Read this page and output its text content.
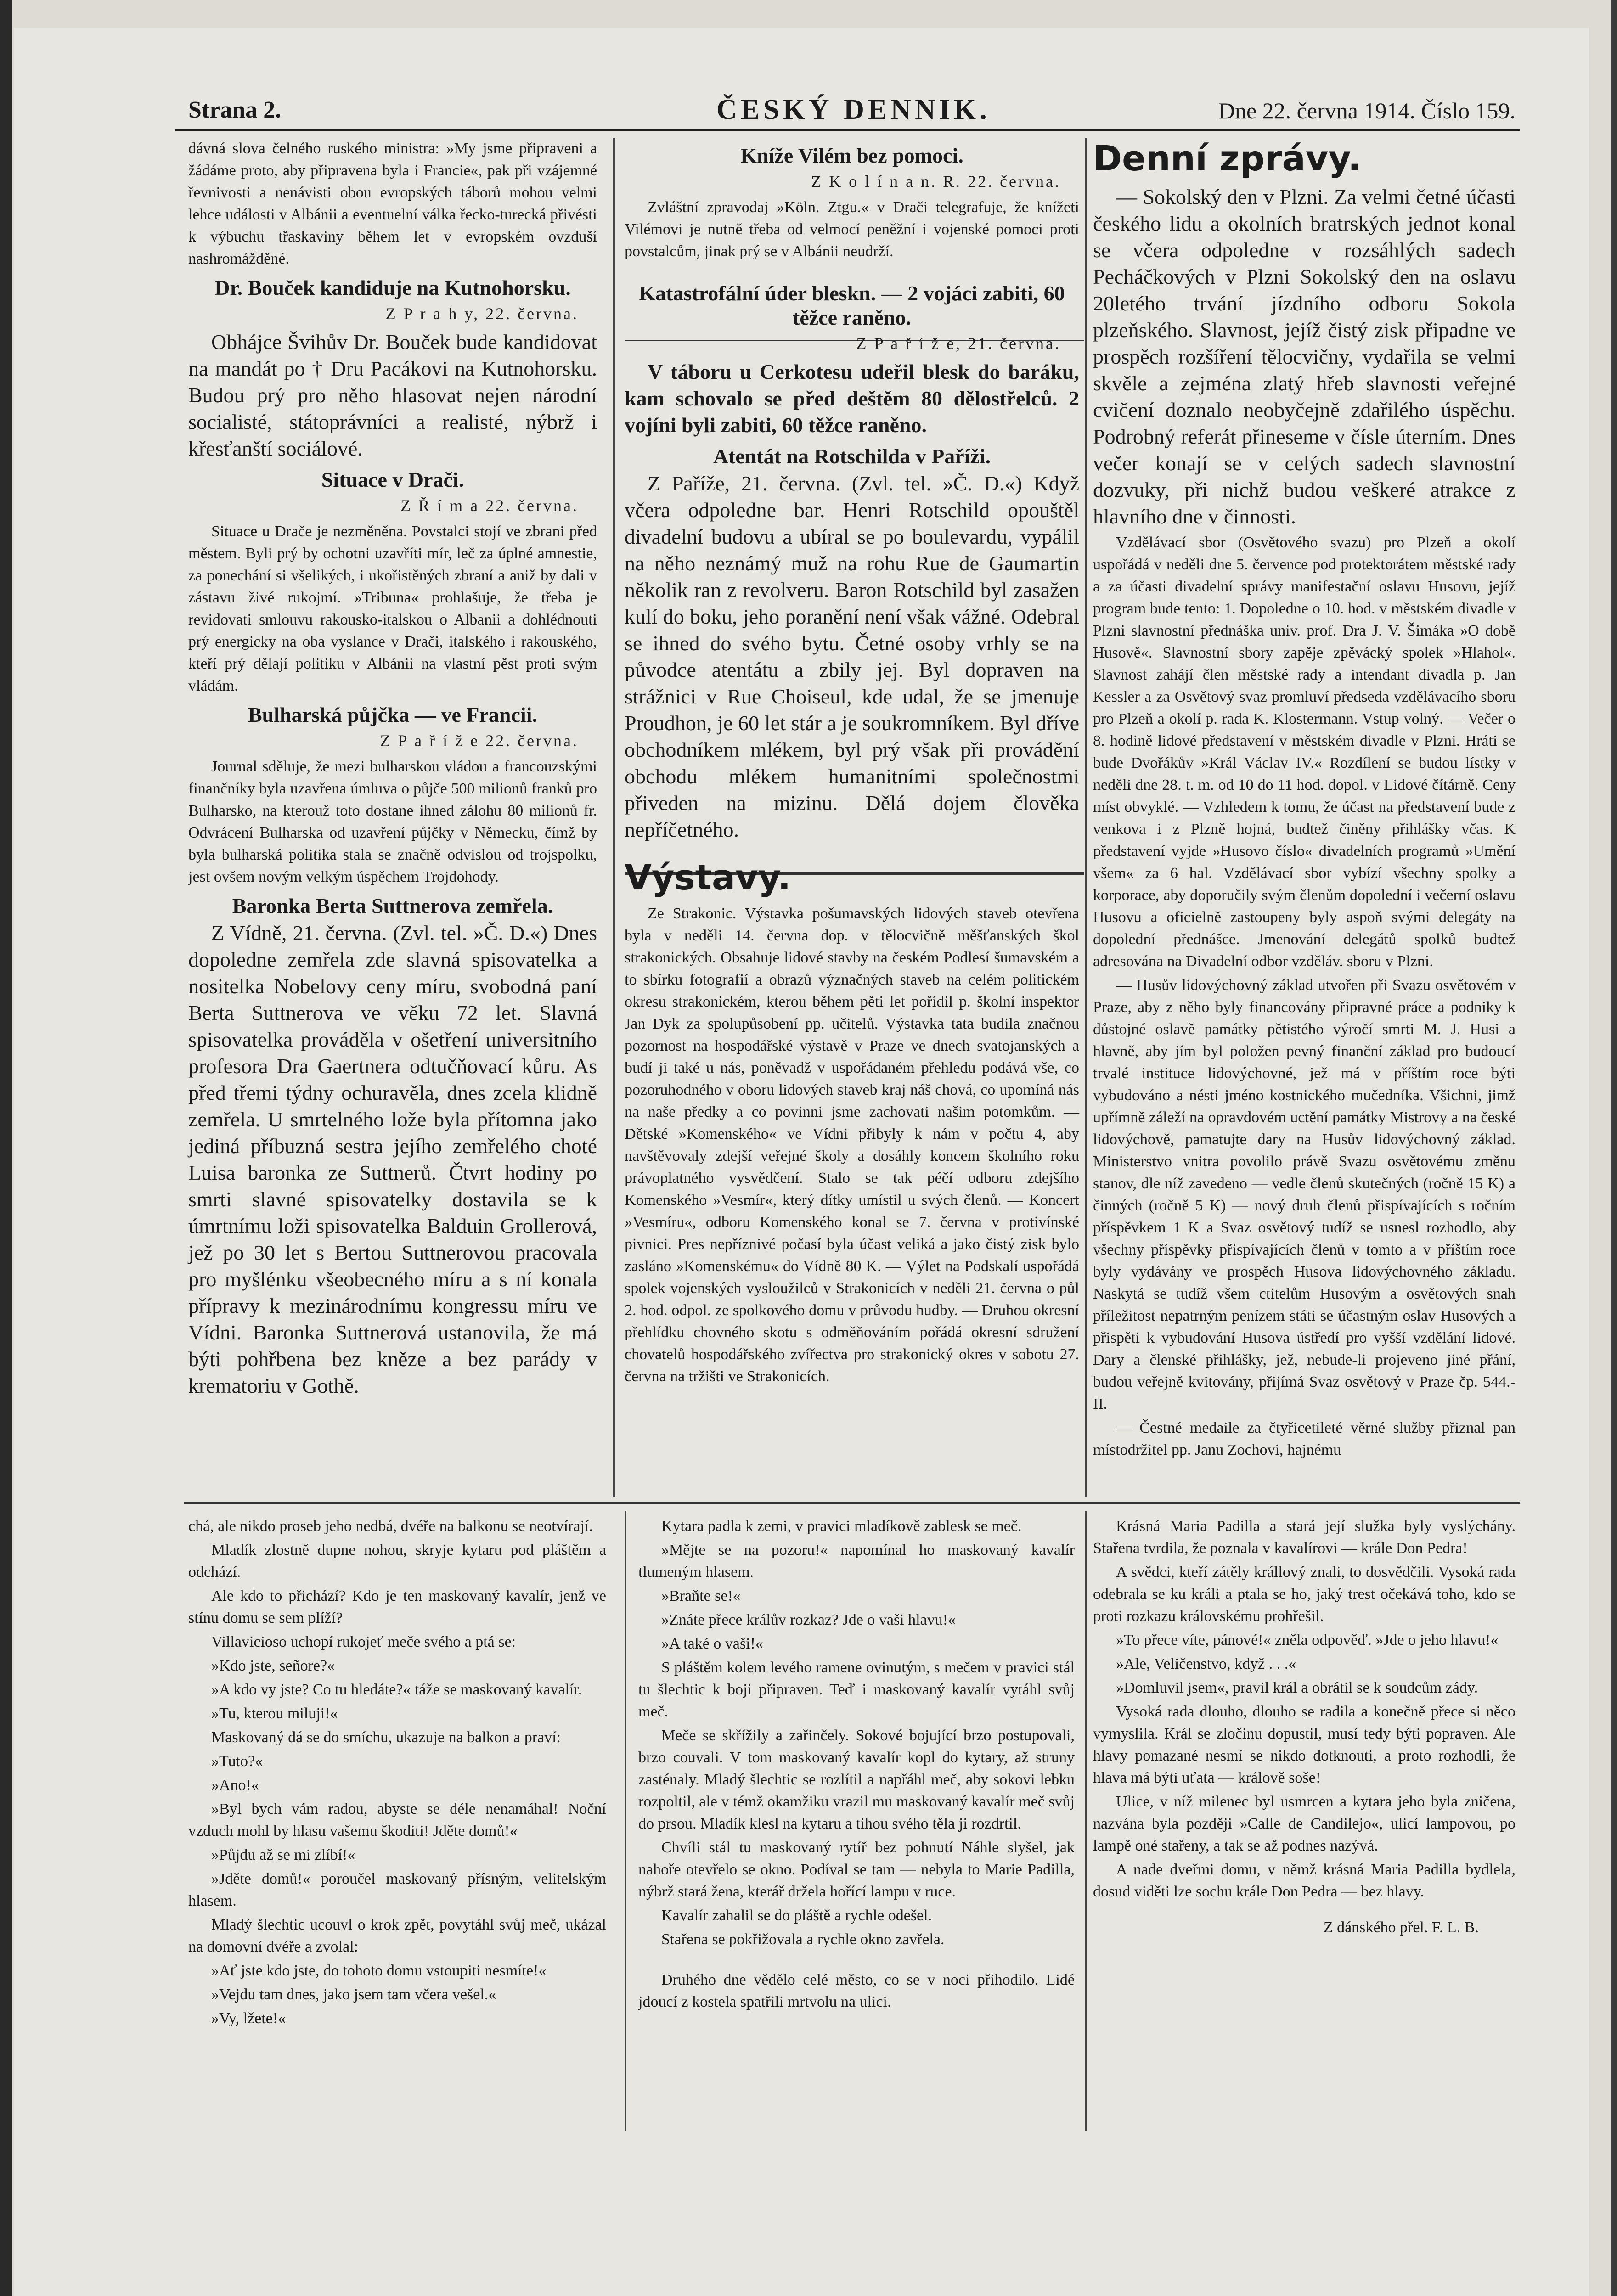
Strana 2.	ČESKÝ DENNIK.	Dne 22. června 1914. Číslo 159.

dávná slova čelného ruského ministra: »My jsme připraveni a žádáme proto, aby připravena byla i Francie«, pak při vzájemné řevnivosti a nenávisti obou evropských táborů mohou velmi lehce události v Albánii a eventuelní válka řecko-turecká přivésti k výbuchu třaskaviny během let v evropském ovzduší nashromážděné.

Dr. Bouček kandiduje na Kutnohorsku.
Z P r a h y, 22. června.

Obhájce Švihův Dr. Bouček bude kandidovat na mandát po † Dru Pacákovi na Kutnohorsku. Budou prý pro něho hlasovat nejen národní socialisté, státoprávníci a realisté, nýbrž i křesťanští sociálové.

Situace v Drači.
Z Ř í m a 22. června.

Situace u Drače je nezměněna. Povstalci stojí ve zbrani před městem. Byli prý by ochotni uzavříti mír, leč za úplné amnestie, za ponechání si všelikých, i ukořistěných zbraní a aniž by dali v zástavu živé rukojmí. »Tribuna« prohlašuje, že třeba je revidovati smlouvu rakousko-italskou o Albanii a dohlédnouti prý energicky na oba vyslance v Drači, italského i rakouského, kteří prý dělají politiku v Albánii na vlastní pěst proti svým vládám.

Bulharská půjčka — ve Francii.
Z P a ř í ž e 22. června.

Journal sděluje, že mezi bulharskou vládou a francouzskými finančníky byla uzavřena úmluva o půjče 500 milionů franků pro Bulharsko, na kterouž toto dostane ihned zálohu 80 milionů fr. Odvrácení Bulharska od uzavření půjčky v Německu, čímž by byla bulharská politika stala se značně odvislou od trojspolku, jest ovšem novým velkým úspěchem Trojdohody.

Baronka Berta Suttnerova zemřela.

Z Vídně, 21. června. (Zvl. tel. »Č. D.«) Dnes dopoledne zemřela zde slavná spisovatelka a nositelka Nobelovy ceny míru, svobodná paní Berta Suttnerova ve věku 72 let. Slavná spisovatelka prováděla v ošetření universitního profesora Dra Gaertnera odtučňovací kůru. As před třemi týdny ochuravěla, dnes zcela klidně zemřela. U smrtelného lože byla přítomna jako jediná příbuzná sestra jejího zemřelého choté Luisa baronka ze Suttnerů. Čtvrt hodiny po smrti slavné spisovatelky dostavila se k úmrtnímu loži spisovatelka Balduin Grollerová, jež po 30 let s Bertou Suttnerovou pracovala pro myšlénku všeobecného míru a s ní konala přípravy k mezinárodnímu kongressu míru ve Vídni. Baronka Suttnerová ustanovila, že má býti pohřbena bez kněze a bez parády v krematoriu v Gothě.

Kníže Vilém bez pomoci.
Z K o l í n a n. R. 22. června.

Zvláštní zpravodaj »Köln. Ztgu.« v Drači telegrafuje, že knížeti Vilémovi je nutně třeba od velmocí peněžní i vojenské pomoci proti povstalcům, jinak prý se v Albánii neudrží.

Katastrofální úder bleskn. — 2 vojáci zabiti, 60 těžce raněno.
Z P a ř í ž e, 21. června.

V táboru u Cerkotesu udeřil blesk do baráku, kam schovalo se před deštěm 80 dělostřelců. 2 vojíni byli zabiti, 60 těžce raněno.

Atentát na Rotschilda v Paříži.

Z Paříže, 21. června. (Zvl. tel. »Č. D.«) Když včera odpoledne bar. Henri Rotschild opouštěl divadelní budovu a ubíral se po boulevardu, vypálil na něho neznámý muž na rohu Rue de Gaumartin několik ran z revolveru. Baron Rotschild byl zasažen kulí do boku, jeho poranění není však vážné. Odebral se ihned do svého bytu. Četné osoby vrhly se na původce atentátu a zbily jej. Byl dopraven na strážnici v Rue Choiseul, kde udal, že se jmenuje Proudhon, je 60 let stár a je soukromníkem. Byl dříve obchodníkem mlékem, byl prý však při provádění obchodu mlékem humanitními společnostmi přiveden na mizinu. Dělá dojem člověka nepříčetného.

Výstavy.

Ze Strakonic. Výstavka pošumavských lidových staveb otevřena byla v neděli 14. června dop. v tělocvičně měšťanských škol strakonických. Obsahuje lidové stavby na českém Podlesí šumavském a to sbírku fotografií a obrazů význačných staveb na celém politickém okresu strakonickém, kterou během pěti let pořídil p. školní inspektor Jan Dyk za spolupůsobení pp. učitelů. Výstavka tata budila značnou pozornost na hospodářské výstavě v Praze ve dnech svatojanských a budí ji také u nás, poněvadž v uspořádaném přehledu podává vše, co pozoruhodného v oboru lidových staveb kraj náš chová, co upomíná nás na naše předky a co povinni jsme zachovati našim potomkům. — Dětské »Komenského« ve Vídni přibyly k nám v počtu 4, aby navštěvovaly zdejší veřejné školy a dosáhly koncem školního roku právoplatného vysvědčení. Stalo se tak péčí odboru zdejšího Komenského »Vesmír«, který dítky umístil u svých členů. — Koncert »Vesmíru«, odboru Komenského konal se 7. června v protivínské pivnici. Pres nepříznivé počasí byla účast veliká a jako čistý zisk bylo zasláno »Komenskému« do Vídně 80 K. — Výlet na Podskalí uspořádá spolek vojenských vysloužilců v Strakonicích v neděli 21. června o půl 2. hod. odpol. ze spolkového domu v průvodu hudby. — Druhou okresní přehlídku chovného skotu s odměňováním pořádá okresní sdružení chovatelů hospodářského zvířectva pro strakonický okres v sobotu 27. června na tržišti ve Strakonicích.

Denní zprávy.

— Sokolský den v Plzni. Za velmi četné účasti českého lidu a okolních bratrských jednot konal se včera odpoledne v rozsáhlých sadech Pecháčkových v Plzni Sokolský den na oslavu 20letého trvání jízdního odboru Sokola plzeňského. Slavnost, jejíž čistý zisk připadne ve prospěch rozšíření tělocvičny, vydařila se velmi skvěle a zejména zlatý hřeb slavnosti veřejné cvičení doznalo neobyčejně zdařilého úspěchu. Podrobný referát přineseme v čísle úterním. Dnes večer konají se v celých sadech slavnostní dozvuky, při nichž budou veškeré atrakce z hlavního dne v činnosti.

Vzdělávací sbor (Osvětového svazu) pro Plzeň a okolí uspořádá v neděli dne 5. července pod protektorátem městské rady a za účasti divadelní správy manifestační oslavu Husovu, jejíž program bude tento: 1. Dopoledne o 10. hod. v městském divadle v Plzni slavnostní přednáška univ. prof. Dra J. V. Šimáka »O době Husově«. Slavnostní sbory zapěje zpěvácký spolek »Hlahol«. Slavnost zahájí člen městské rady a intendant divadla p. Jan Kessler a za Osvětový svaz promluví předseda vzdělávacího sboru pro Plzeň a okolí p. rada K. Klostermann. Vstup volný. — Večer o 8. hodině lidové představení v městském divadle v Plzni. Hráti se bude Dvořákův »Král Václav IV.« Rozdílení se budou lístky v neděli dne 28. t. m. od 10 do 11 hod. dopol. v Lidové čítárně. Ceny míst obvyklé. — Vzhledem k tomu, že účast na představení bude z venkova i z Plzně hojná, budtež činěny přihlášky včas. K představení vyjde »Husovo číslo« divadelních programů »Umění všem« za 6 hal. Vzdělávací sbor vybízí všechny spolky a korporace, aby doporučily svým členům dopolední i večerní oslavu Husovu a oficielně zastoupeny byly aspoň svými delegáty na dopolední přednášce. Jmenování delegátů spolků budtež adresována na Divadelní odbor vzděláv. sboru v Plzni.

— Husův lidovýchovný základ utvořen při Svazu osvětovém v Praze, aby z něho byly financovány připravné práce a podniky k důstojné oslavě památky pětistého výročí smrti M. J. Husi a hlavně, aby jím byl položen pevný finanční základ pro budoucí trvalé instituce lidovýchovné, jež má v příštím roce býti vybudováno a nésti jméno kostnického mučedníka. Všichni, jimž upřímně záleží na opravdovém uctění památky Mistrovy a na české lidovýchově, pamatujte dary na Husův lidovýchovný základ. Ministerstvo vnitra povolilo právě Svazu osvětovému změnu stanov, dle níž zavedeno — vedle členů skutečných (ročně 15 K) a činných (ročně 5 K) — nový druh členů přispívajících s ročním příspěvkem 1 K a Svaz osvětový tudíž se usnesl rozhodlo, aby všechny příspěvky přispívajících členů v tomto a v příštím roce byly vydávány ve prospěch Husova lidovýchovného základu. Naskytá se tudíž všem ctitelům Husovým a osvětových snah příležitost nepatrným penízem státi se účastným oslav Husových a přispěti k vybudování Husova ústředí pro vyšší vzdělání lidové. Dary a členské přihlášky, jež, nebude-li projeveno jiné přání, budou veřejně kvitovány, přijímá Svaz osvětový v Praze čp. 544.-II.

— Čestné medaile za čtyřicetileté věrné služby přiznal pan místodržitel pp. Janu Zochovi, hajnému

chá, ale nikdo proseb jeho nedbá, dvéře na balkonu se neotvírají.

Mladík zlostně dupne nohou, skryje kytaru pod pláštěm a odchází.

Ale kdo to přichází? Kdo je ten maskovaný kavalír, jenž ve stínu domu se sem plíží?

Villavicioso uchopí rukojeť meče svého a ptá se:

»Kdo jste, señore?«

»A kdo vy jste? Co tu hledáte?« táže se maskovaný kavalír.

»Tu, kterou miluji!«

Maskovaný dá se do smíchu, ukazuje na balkon a praví:

»Tuto?«

»Ano!«

»Byl bych vám radou, abyste se déle nenamáhal! Noční vzduch mohl by hlasu vašemu škoditi! Jděte domů!«

»Půjdu až se mi zlíbí!«

»Jděte domů!« poroučel maskovaný přísným, velitelským hlasem.

Mladý šlechtic ucouvl o krok zpět, povytáhl svůj meč, ukázal na domovní dvéře a zvolal:

»Ať jste kdo jste, do tohoto domu vstoupiti nesmíte!«

»Vejdu tam dnes, jako jsem tam včera vešel.«

»Vy, lžete!«

Kytara padla k zemi, v pravici mladíkově zablesk se meč.

»Mějte se na pozoru!« napomínal ho maskovaný kavalír tlumeným hlasem.

»Braňte se!«

»Znáte přece králův rozkaz? Jde o vaši hlavu!«

»A také o vaši!«

S pláštěm kolem levého ramene ovinutým, s mečem v pravici stál tu šlechtic k boji připraven. Teď i maskovaný kavalír vytáhl svůj meč.

Meče se skřížily a zařinčely. Sokové bojující brzo postupovali, brzo couvali. V tom maskovaný kavalír kopl do kytary, až struny zasténaly. Mladý šlechtic se rozlítil a napřáhl meč, aby sokovi lebku rozpoltil, ale v témž okamžiku vrazil mu maskovaný kavalír meč svůj do prsou. Mladík klesl na kytaru a tihou svého těla ji rozdrtil.

Chvíli stál tu maskovaný rytíř bez pohnutí Náhle slyšel, jak nahoře otevřelo se okno. Podíval se tam — nebyla to Marie Padilla, nýbrž stará žena, kterář držela hořící lampu v ruce.

Kavalír zahalil se do pláště a rychle odešel.

Stařena se pokřižovala a rychle okno zavřela.

Druhého dne vědělo celé město, co se v noci přihodilo. Lidé jdoucí z kostela spatřili mrtvolu na ulici.

Krásná Maria Padilla a stará její služka byly vyslýchány. Stařena tvrdila, že poznala v kavalírovi — krále Don Pedra!

A svědci, kteří zátěly krállový znali, to dosvědčili. Vysoká rada odebrala se ku králi a ptala se ho, jaký trest očekává toho, kdo se proti rozkazu královskému prohřešil.

»To přece víte, pánové!« zněla odpověď. »Jde o jeho hlavu!«

»Ale, Veličenstvo, když . . .«

»Domluvil jsem«, pravil král a obrátil se k soudcům zády.

Vysoká rada dlouho, dlouho se radila a konečně přece si něco vymyslila. Král se zločinu dopustil, musí tedy býti popraven. Ale hlavy pomazané nesmí se nikdo dotknouti, a proto rozhodli, že hlava má býti uťata — králově soše!

Ulice, v níž milenec byl usmrcen a kytara jeho byla zničena, nazvána byla později »Calle de Candilejo«, ulicí lampovou, po lampě oné stařeny, a tak se až podnes nazývá.

A nade dveřmi domu, v němž krásná Maria Padilla bydlela, dosud viděti lze sochu krále Don Pedra — bez hlavy.

Z dánského přel. F. L. B.
